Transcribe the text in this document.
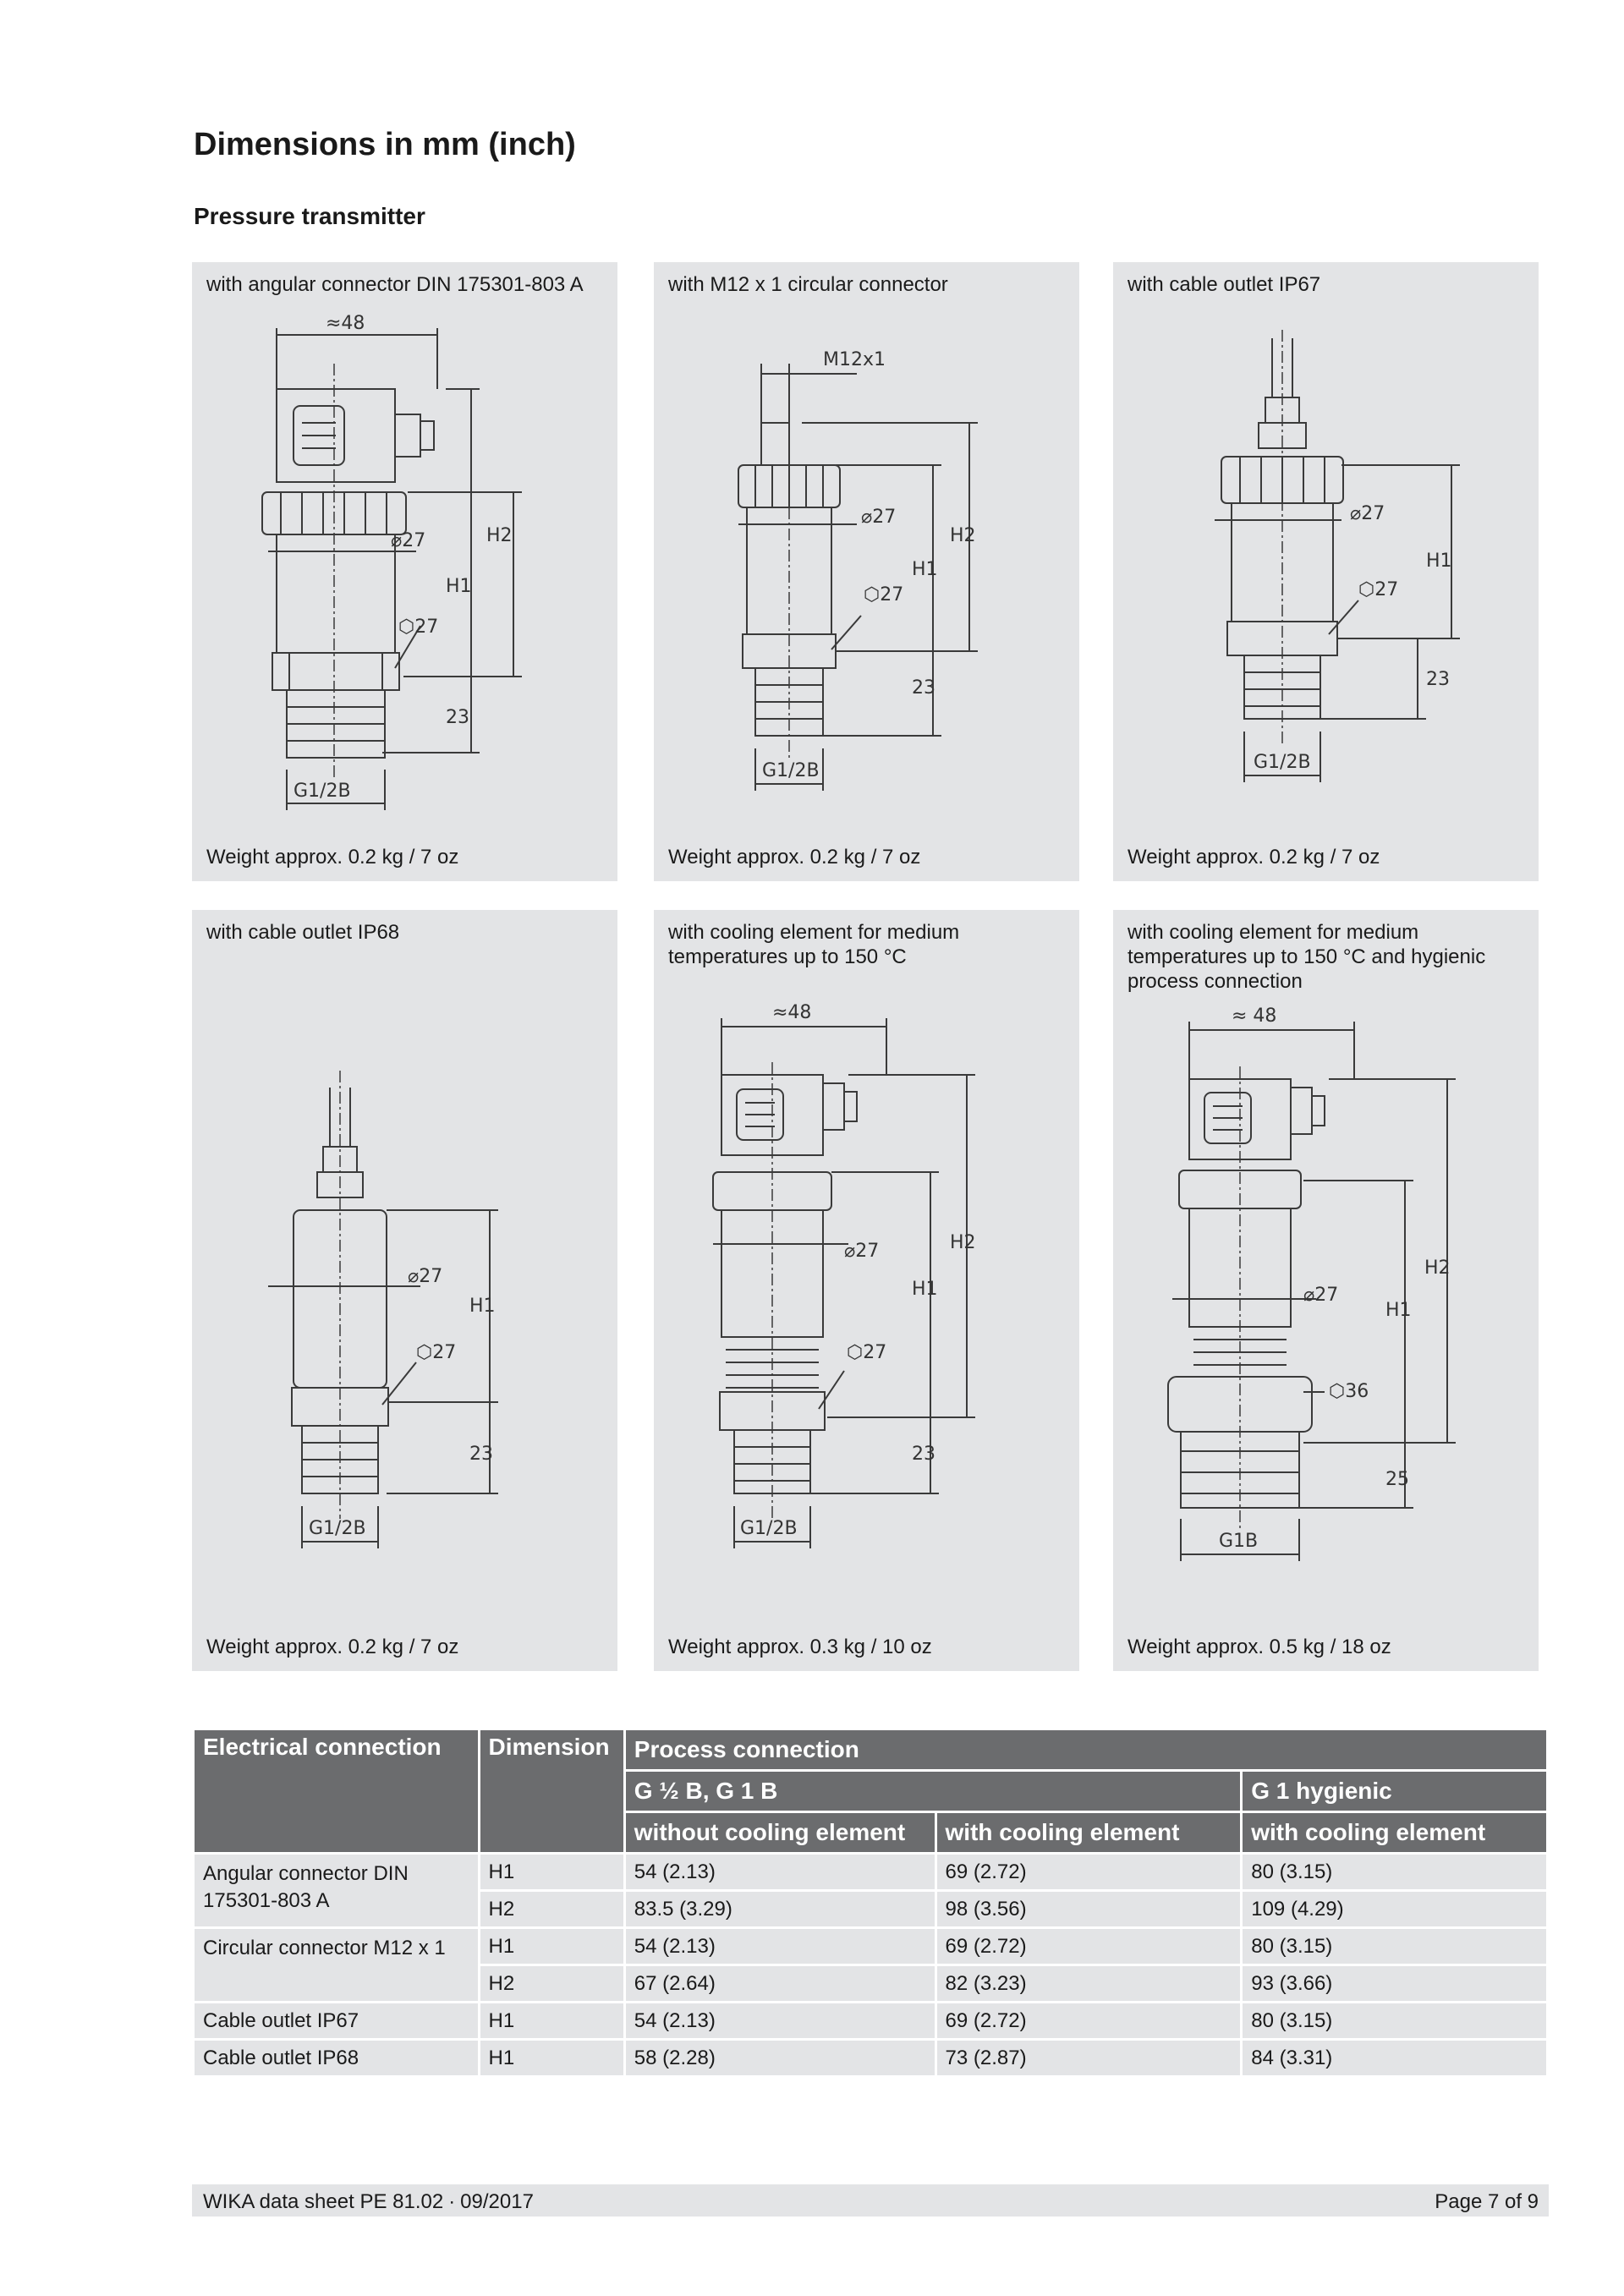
Dimensions in mm (inch)
Pressure transmitter
with angular connector DIN 175301-803 A
≈48
⌀27
⬡27
H2
H1
23
G1/2B
Weight approx. 0.2 kg / 7 oz
with M12 x 1 circular connector
M12x1
⌀27
⬡27
H2
H1
23
G1/2B
Weight approx. 0.2 kg / 7 oz
with cable outlet IP67
⌀27
⬡27
H1
23
G1/2B
Weight approx. 0.2 kg / 7 oz
with cable outlet IP68
⌀27
⬡27
H1
23
G1/2B
Weight approx. 0.2 kg / 7 oz
with cooling element for medium temperatures up to 150 °C
≈48
⌀27
⬡27
H2
H1
23
G1/2B
Weight approx. 0.3 kg / 10 oz
with cooling element for medium temperatures up to 150 °C and hygienic process connection
≈ 48
⌀27
⬡36
H2
H1
25
G1B
Weight approx. 0.5 kg / 18 oz
Electrical connection	Dimension	Process connection		
		G ½ B, G 1 B		G 1 hygienic
		without cooling element	with cooling element	with cooling element
Angular connector DIN 175301-803 A	H1	54 (2.13)	69 (2.72)	80 (3.15)
	H2	83.5 (3.29)	98 (3.56)	109 (4.29)
Circular connector M12 x 1	H1	54 (2.13)	69 (2.72)	80 (3.15)
	H2	67 (2.64)	82 (3.23)	93 (3.66)
Cable outlet IP67	H1	54 (2.13)	69 (2.72)	80 (3.15)
Cable outlet IP68	H1	58 (2.28)	73 (2.87)	84 (3.31)
WIKA data sheet PE 81.02 ∙ 09/2017	Page 7 of 9
